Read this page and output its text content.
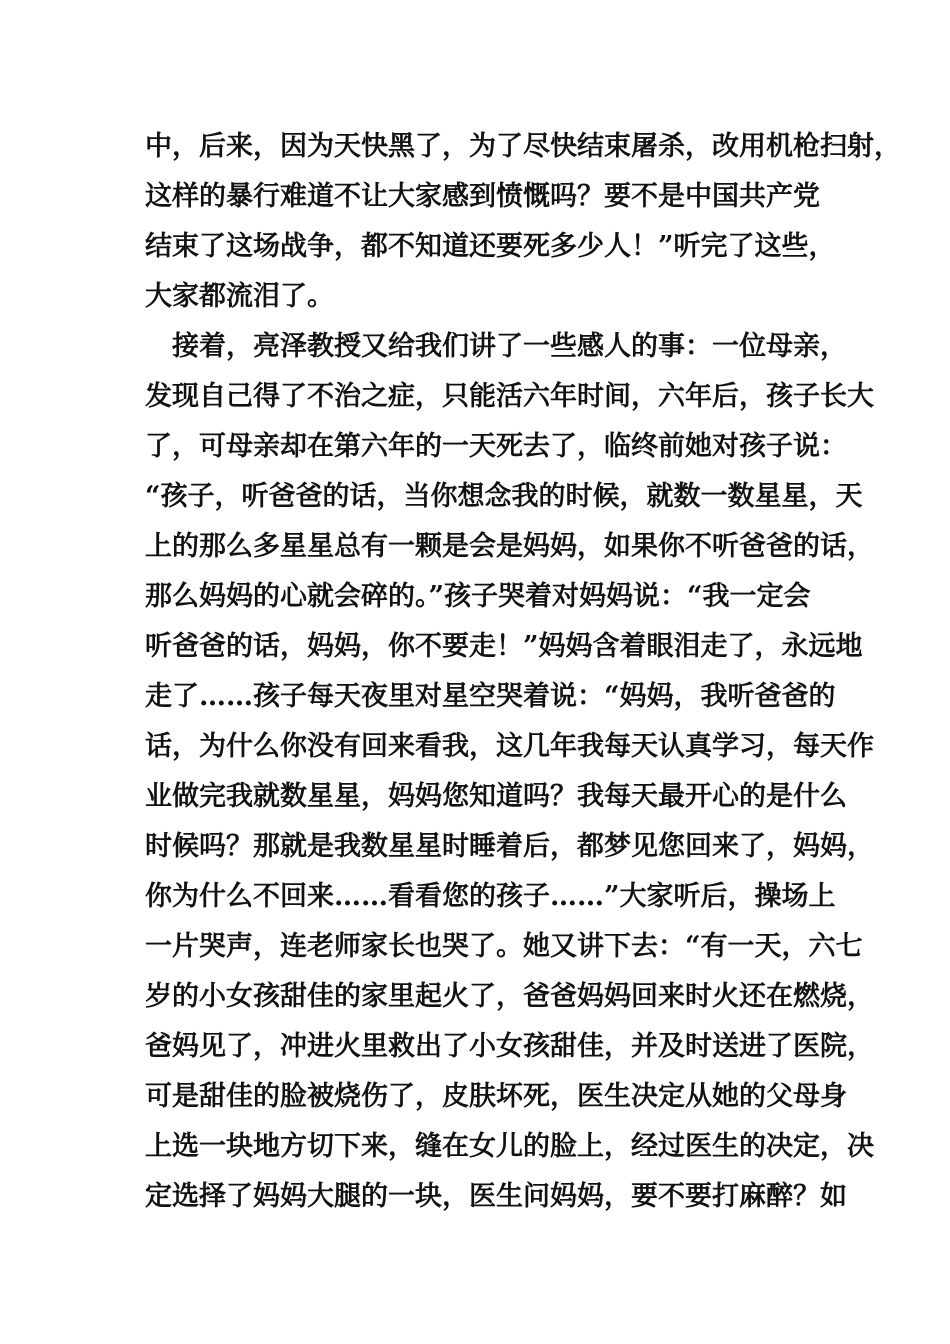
中，后来，因为天快黑了，为了尽快结束屠杀，改用机枪扫射，
这样的暴行难道不让大家感到愤慨吗？要不是中国共产党
结束了这场战争，都不知道还要死多少人！”听完了这些，
大家都流泪了。
　接着，亮泽教授又给我们讲了一些感人的事：一位母亲，
发现自己得了不治之症，只能活六年时间，六年后，孩子长大
了，可母亲却在第六年的一天死去了，临终前她对孩子说：
“孩子，听爸爸的话，当你想念我的时候，就数一数星星，天
上的那么多星星总有一颗是会是妈妈，如果你不听爸爸的话，
那么妈妈的心就会碎的。”孩子哭着对妈妈说：“我一定会
听爸爸的话，妈妈，你不要走！”妈妈含着眼泪走了，永远地
走了……孩子每天夜里对星空哭着说：“妈妈，我听爸爸的
话，为什么你没有回来看我，这几年我每天认真学习，每天作
业做完我就数星星，妈妈您知道吗？我每天最开心的是什么
时候吗？那就是我数星星时睡着后，都梦见您回来了，妈妈，
你为什么不回来……看看您的孩子……”大家听后，操场上
一片哭声，连老师家长也哭了。她又讲下去：“有一天，六七
岁的小女孩甜佳的家里起火了，爸爸妈妈回来时火还在燃烧，
爸妈见了，冲进火里救出了小女孩甜佳，并及时送进了医院，
可是甜佳的脸被烧伤了，皮肤坏死，医生决定从她的父母身
上选一块地方切下来，缝在女儿的脸上，经过医生的决定，决
定选择了妈妈大腿的一块，医生问妈妈，要不要打麻醉？如
